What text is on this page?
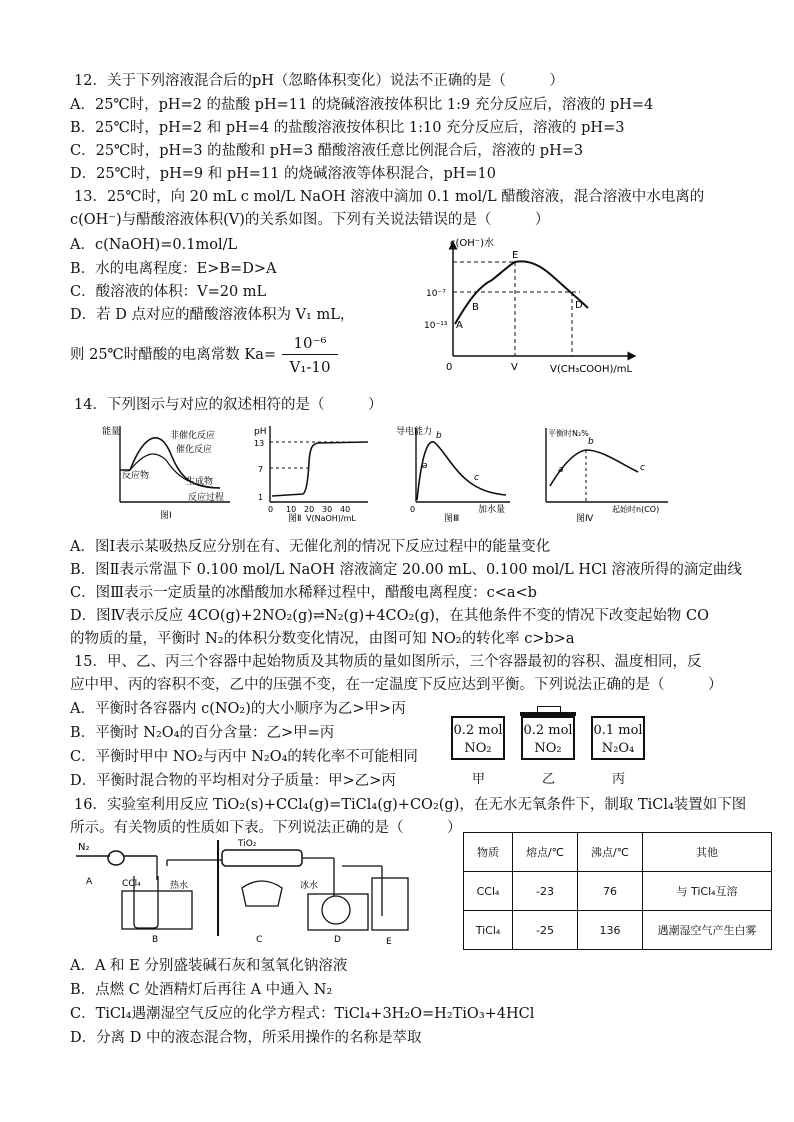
12．关于下列溶液混合后的pH（忽略体积变化）说法不正确的是（　　　）
A．25℃时，pH=2 的盐酸 pH=11 的烧碱溶液按体积比 1:9 充分反应后，溶液的 pH=4
B．25℃时，pH=2 和 pH=4 的盐酸溶液按体积比 1:10 充分反应后，溶液的 pH=3
C．25℃时，pH=3 的盐酸和 pH=3 醋酸溶液任意比例混合后，溶液的 pH=3
D．25℃时，pH=9 和 pH=11 的烧碱溶液等体积混合，pH=10
13．25℃时，向 20 mL c mol/L NaOH 溶液中滴加 0.1 mol/L 醋酸溶液，混合溶液中水电离的
c(OH⁻)与醋酸溶液体积(V)的关系如图。下列有关说法错误的是（　　　）
A．c(NaOH)=0.1mol/L
B．水的电离程度：E>B=D>A
C．酸溶液的体积：V=20 mL
D．若 D 点对应的醋酸溶液体积为 V₁ mL，
则 25℃时醋酸的电离常数 Ka=
10⁻⁶
V₁-10
c(OH⁻)水
V(CH₃COOH)/mL
0	V
10⁻⁷
10⁻¹³ A
B
E
D
14．下列图示与对应的叙述相符的是（　　　）
能量	非催化反应
催化反应
反应物
生成物
反应过程
图Ⅰ
pH
13
7
1
0 10 20 30 40
V(NaOH)/mL
图Ⅱ
导电能力
a
b
c
0	加水量
图Ⅲ
平衡时N₂%
a
b
c
起始时n(CO)
图Ⅳ
A．图Ⅰ表示某吸热反应分别在有、无催化剂的情况下反应过程中的能量变化
B．图Ⅱ表示常温下 0.100 mol/L NaOH 溶液滴定 20.00 mL、0.100 mol/L HCl 溶液所得的滴定曲线
C．图Ⅲ表示一定质量的冰醋酸加水稀释过程中，醋酸电离程度：c<a<b
D．图Ⅳ表示反应 4CO(g)+2NO₂(g)⇌N₂(g)+4CO₂(g)，在其他条件不变的情况下改变起始物 CO
的物质的量，平衡时 N₂的体积分数变化情况，由图可知 NO₂的转化率 c>b>a
15．甲、乙、丙三个容器中起始物质及其物质的量如图所示，三个容器最初的容积、温度相同，反
应中甲、丙的容积不变，乙中的压强不变，在一定温度下反应达到平衡。下列说法正确的是（　　　）
A．平衡时各容器内 c(NO₂)的大小顺序为乙>甲>丙
B．平衡时 N₂O₄的百分含量：乙>甲=丙
C．平衡时甲中 NO₂与丙中 N₂O₄的转化率不可能相同
D．平衡时混合物的平均相对分子质量：甲>乙>丙
0.2 mol
NO₂
甲
0.2 mol
NO₂
乙
0.1 mol
N₂O₄
丙
16．实验室利用反应 TiO₂(s)+CCl₄(g)=TiCl₄(g)+CO₂(g)，在无水无氧条件下，制取 TiCl₄装置如下图
所示。有关物质的性质如下表。下列说法正确的是（　　　）
N₂
A	CCl₄	热水
B
TiO₂
C
冰水
D	E
物质	熔点/℃	沸点/℃	其他
CCl₄	-23	76	与 TiCl₄互溶
TiCl₄	-25	136	遇潮湿空气产生白雾
A．A 和 E 分别盛装碱石灰和氢氧化钠溶液
B．点燃 C 处酒精灯后再往 A 中通入 N₂
C．TiCl₄遇潮湿空气反应的化学方程式：TiCl₄+3H₂O=H₂TiO₃+4HCl
D．分离 D 中的液态混合物，所采用操作的名称是萃取
